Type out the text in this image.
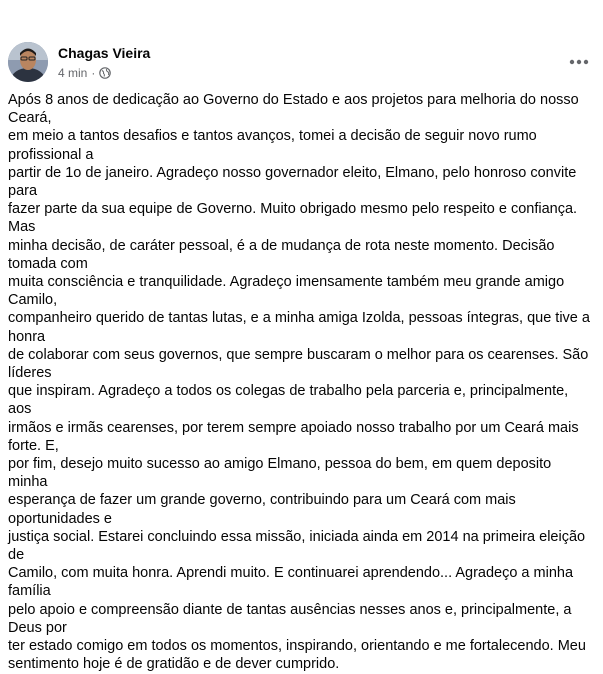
Chagas Vieira
4 min ·
Após 8 anos de dedicação ao Governo do Estado e aos projetos para melhoria do nosso Ceará,
em meio a tantos desafios e tantos avanços, tomei a decisão de seguir novo rumo profissional a
partir de 1o de janeiro. Agradeço nosso governador eleito, Elmano, pelo honroso convite para
fazer parte da sua equipe de Governo. Muito obrigado mesmo pelo respeito e confiança. Mas
minha decisão, de caráter pessoal, é a de mudança de rota neste momento. Decisão tomada com
muita consciência e tranquilidade. Agradeço imensamente também meu grande amigo Camilo,
companheiro querido de tantas lutas, e a minha amiga Izolda, pessoas íntegras, que tive a honra
de colaborar com seus governos, que sempre buscaram o melhor para os cearenses. São líderes
que inspiram. Agradeço a todos os colegas de trabalho pela parceria e, principalmente, aos
irmãos e irmãs cearenses, por terem sempre apoiado nosso trabalho por um Ceará mais forte. E,
por fim, desejo muito sucesso ao amigo Elmano, pessoa do bem, em quem deposito minha
esperança de fazer um grande governo, contribuindo para um Ceará com mais oportunidades e
justiça social. Estarei concluindo essa missão, iniciada ainda em 2014 na primeira eleição de
Camilo, com muita honra. Aprendi muito. E continuarei aprendendo... Agradeço a minha família
pelo apoio e compreensão diante de tantas ausências nesses anos e, principalmente, a Deus por
ter estado comigo em todos os momentos, inspirando, orientando e me fortalecendo. Meu
sentimento hoje é de gratidão e de dever cumprido.
